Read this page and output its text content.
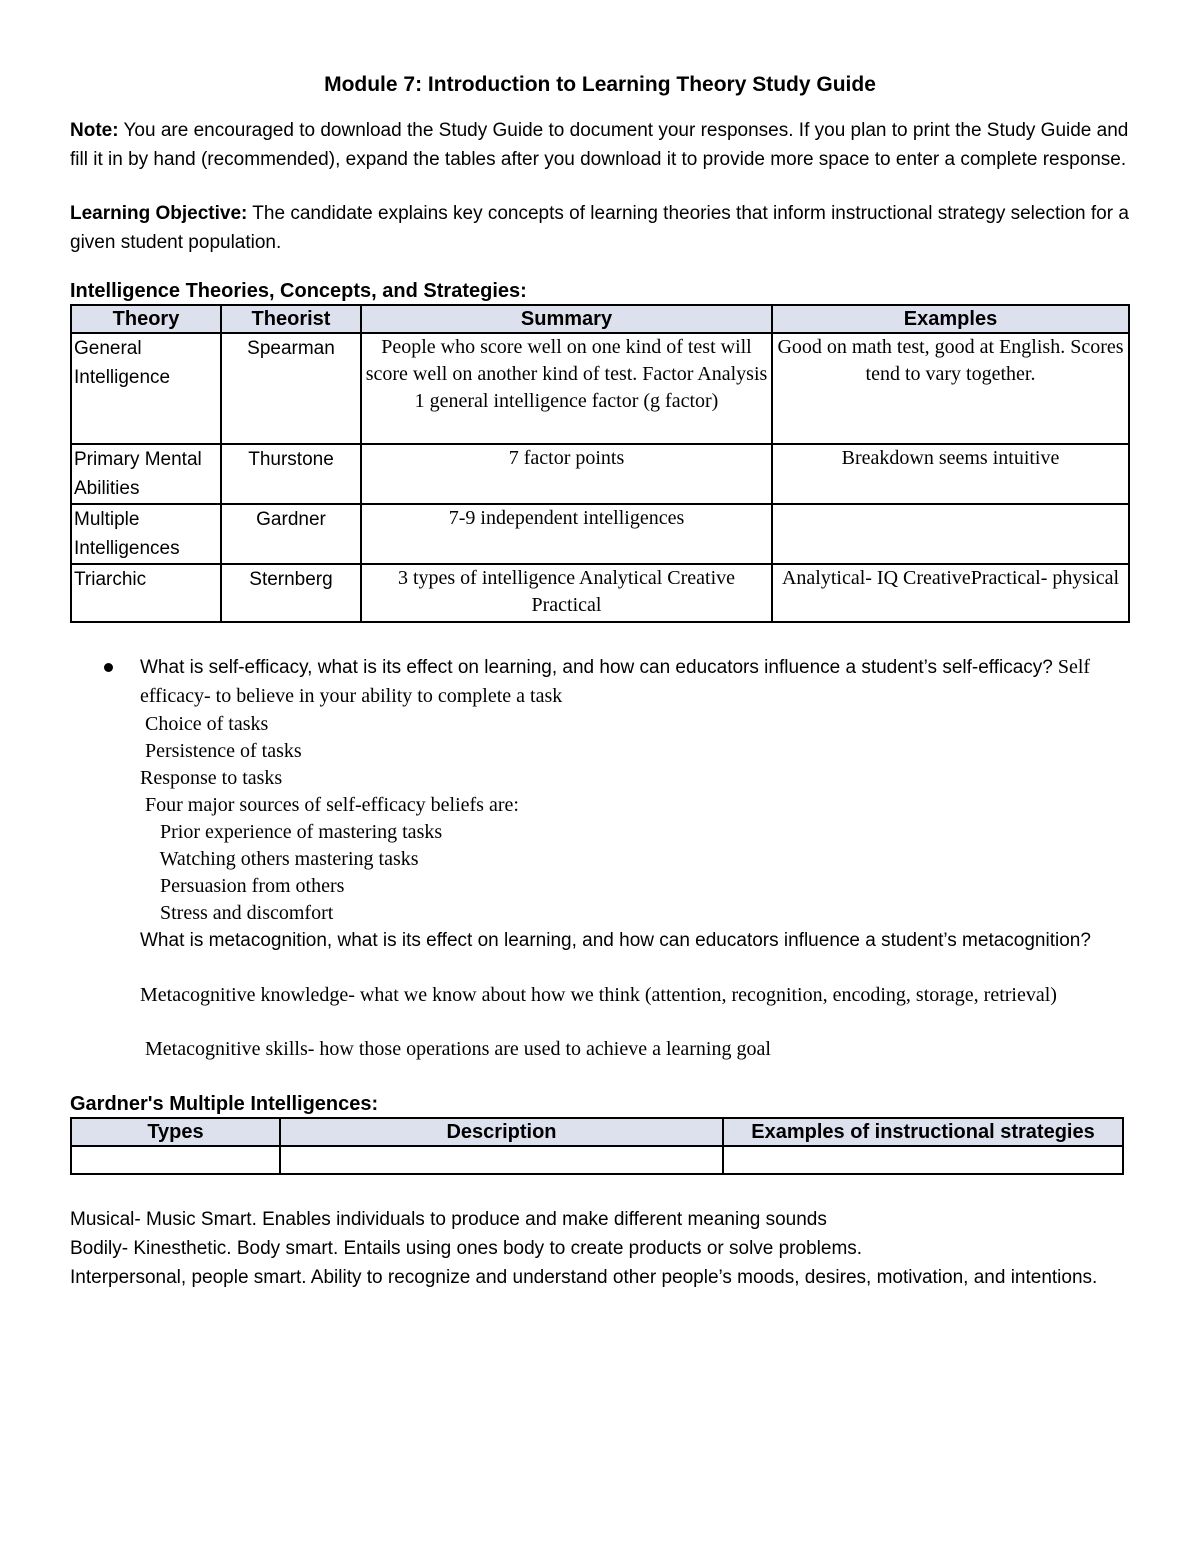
Module 7: Introduction to Learning Theory Study Guide

Note: You are encouraged to download the Study Guide to document your responses. If you plan to print the Study Guide and fill it in by hand (recommended), expand the tables after you download it to provide more space to enter a complete response.

Learning Objective: The candidate explains key concepts of learning theories that inform instructional strategy selection for a given student population.

Intelligence Theories, Concepts, and Strategies:
Theory	Theorist	Summary	Examples
General Intelligence	Spearman	People who score well on one kind of test will score well on another kind of test. Factor Analysis 1 general intelligence factor (g factor)	Good on math test, good at English. Scores tend to vary together.
Primary Mental Abilities	Thurstone	7 factor points	Breakdown seems intuitive
Multiple Intelligences	Gardner	7-9 independent intelligences	
Triarchic	Sternberg	3 types of intelligence Analytical Creative Practical	Analytical- IQ CreativePractical- physical
What is self-efficacy, what is its effect on learning, and how can educators influence a student’s self-efficacy? Self efficacy- to believe in your ability to complete a task
Choice of tasks
Persistence of tasks
Response to tasks
Four major sources of self-efficacy beliefs are:
Prior experience of mastering tasks
Watching others mastering tasks
Persuasion from others
Stress and discomfort
What is metacognition, what is its effect on learning, and how can educators influence a student’s metacognition?
Metacognitive knowledge- what we know about how we think (attention, recognition, encoding, storage, retrieval)
Metacognitive skills- how those operations are used to achieve a learning goal
Gardner's Multiple Intelligences:
Types	Description	Examples of instructional strategies

Musical- Music Smart. Enables individuals to produce and make different meaning sounds
Bodily- Kinesthetic. Body smart. Entails using ones body to create products or solve problems.
Interpersonal, people smart. Ability to recognize and understand other people’s moods, desires, motivation, and intentions.
